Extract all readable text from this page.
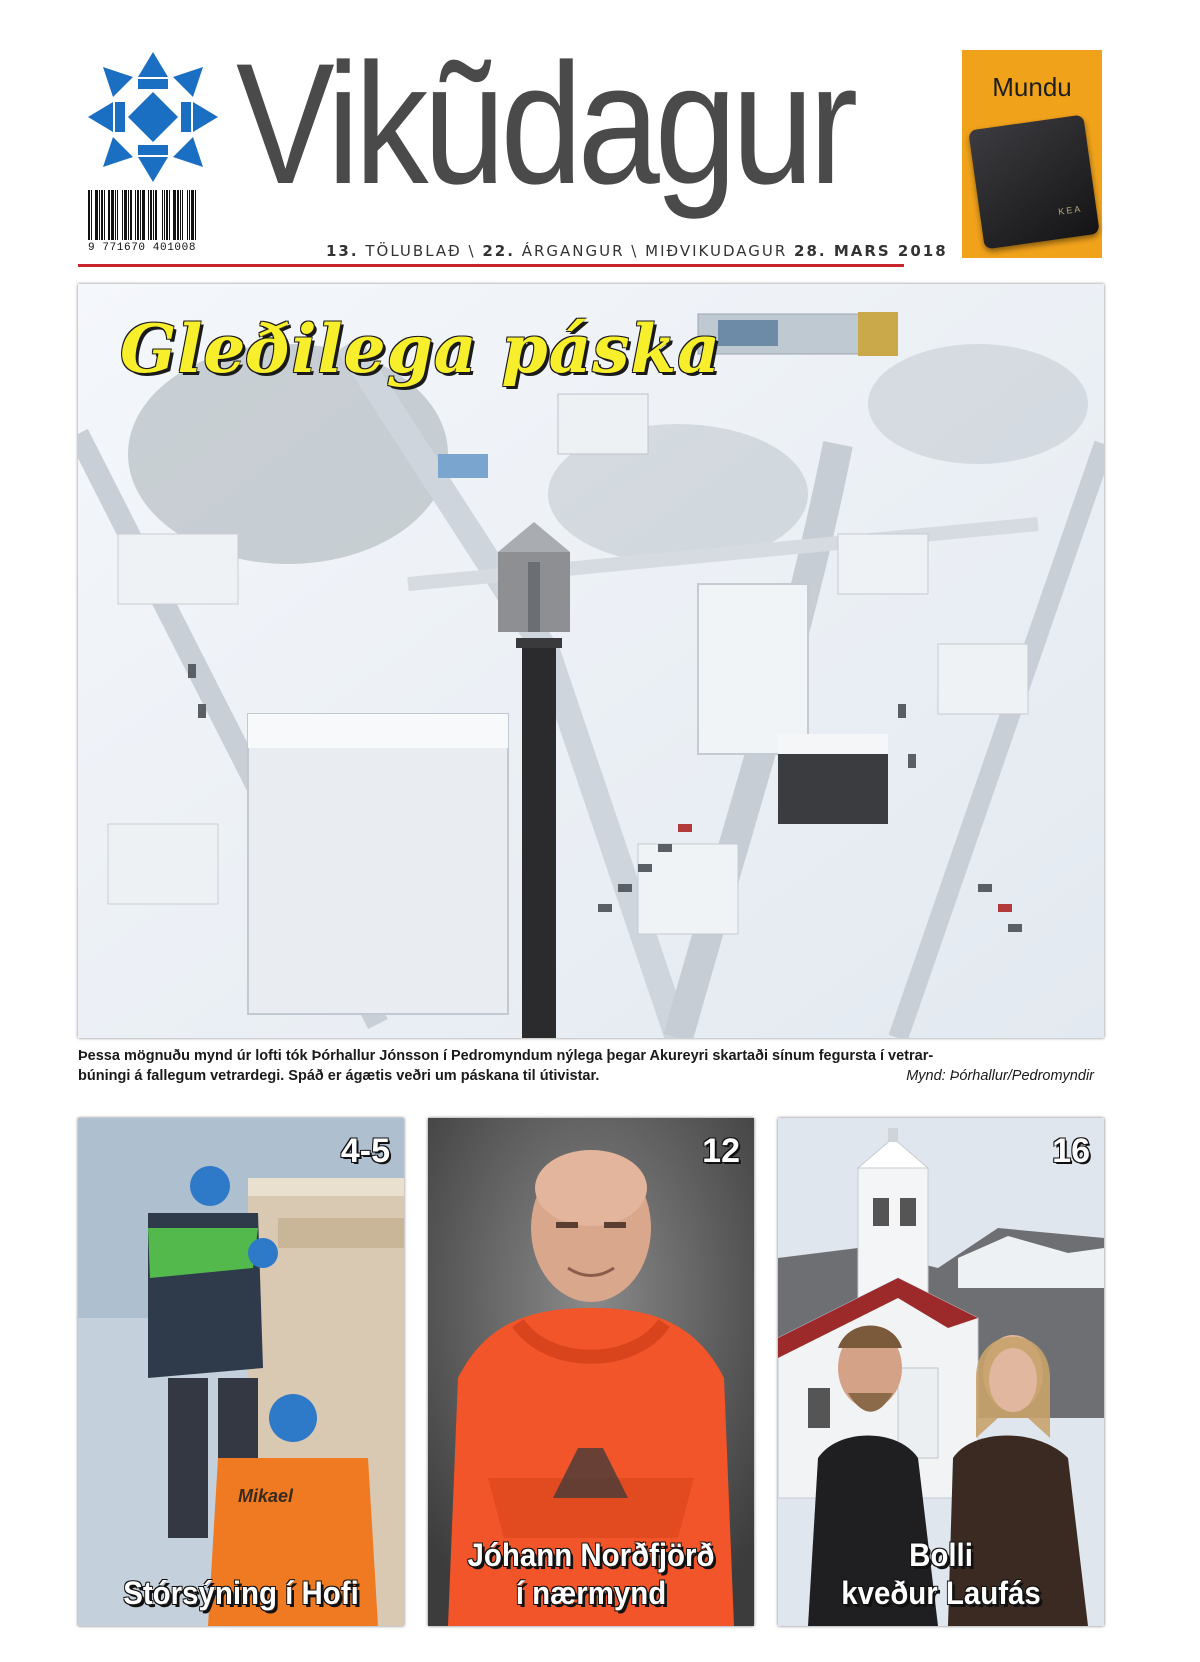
Vikũdagur
9 771670 401008	13. TÖLUBLAÐ \ 22. ÁRGANGUR \ MIÐVIKUDAGUR 28. MARS 2018
Mundu
KEA
Gleðilega páska
Þessa mögnuðu mynd úr lofti tók Þórhallur Jónsson í Pedromyndum nýlega þegar Akureyri skartaði sínum fegursta í vetrar-
búningi á fallegum vetrardegi. Spáð er ágætis veðri um páskana til útivistar.	Mynd: Þórhallur/Pedromyndir
4-5
Mikael
Stórsýning í Hofi
12
Jóhann Norðfjörð
í nærmynd
16
Bolli
kveður Laufás
